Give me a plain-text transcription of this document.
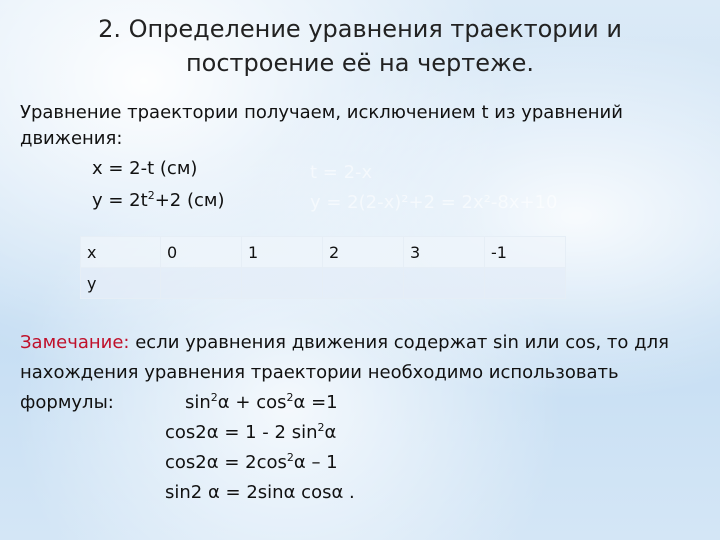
2. Определение уравнения траектории и
построение её на чертеже.
Уравнение траектории получаем, исключением t из уравнений
движения:
x = 2-t (см)
$y = 2t^2+2$ (см)
t = 2-x
y = 2(2-x)²+2 = 2x²-8x+10
x	0	1	2	3	-1
y					
Замечание: если уравнения движения содержат sin или cos, то для
нахождения уравнения траектории необходимо использовать
формулы:	$\sin^2\alpha + \cos^2\alpha =1$
cos2α = 1 - 2 $\sin^2\alpha$
$\cos 2\alpha = 2\cos^2\alpha - 1$
sin2 α = 2sinα cosα .
